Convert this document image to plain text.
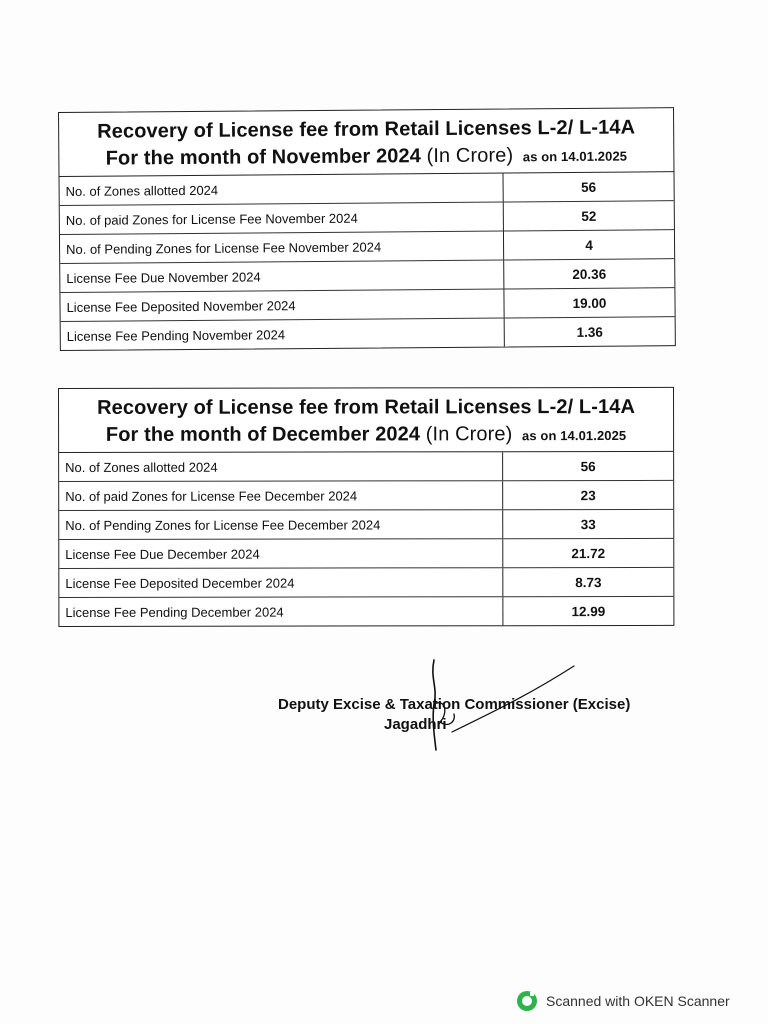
Recovery of License fee from Retail Licenses L-2/ L-14A
For the month of November 2024 (In Crore) as on 14.01.2025
No. of Zones allotted 2024	56
No. of paid Zones for License Fee November 2024	52
No. of Pending Zones for License Fee November 2024	4
License Fee Due November 2024	20.36
License Fee Deposited November 2024	19.00
License Fee Pending November 2024	1.36
Recovery of License fee from Retail Licenses L-2/ L-14A
For the month of December 2024 (In Crore) as on 14.01.2025
No. of Zones allotted 2024	56
No. of paid Zones for License Fee December 2024	23
No. of Pending Zones for License Fee December 2024	33
License Fee Due December 2024	21.72
License Fee Deposited December 2024	8.73
License Fee Pending December 2024	12.99
Deputy Excise & Taxation Commissioner (Excise)
Jagadhri
Scanned with OKEN Scanner
